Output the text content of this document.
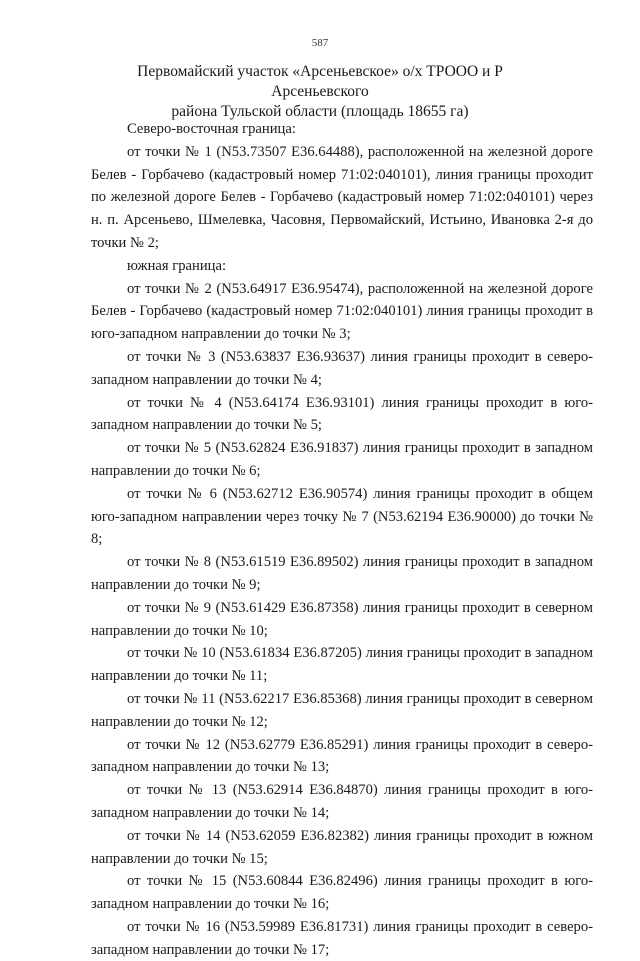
587
Первомайский участок «Арсеньевское» о/х ТРООО и Р Арсеньевского
района Тульской области (площадь 18655 га)

Северо-восточная граница:

от точки № 1 (N53.73507 E36.64488), расположенной на железной дороге Белев - Горбачево (кадастровый номер 71:02:040101), линия границы проходит по железной дороге Белев - Горбачево (кадастровый номер 71:02:040101) через н. п. Арсеньево, Шмелевка, Часовня, Первомайский, Истьино, Ивановка 2-я до точки № 2;

южная граница:

от точки № 2 (N53.64917 E36.95474), расположенной на железной дороге Белев - Горбачево (кадастровый номер 71:02:040101) линия границы проходит в юго-западном направлении до точки № 3;

от точки № 3 (N53.63837 E36.93637) линия границы проходит в северо-западном направлении до точки № 4;

от точки № 4 (N53.64174 E36.93101) линия границы проходит в юго-западном направлении до точки № 5;

от точки № 5 (N53.62824 E36.91837) линия границы проходит в западном направлении до точки № 6;

от точки № 6 (N53.62712 E36.90574) линия границы проходит в общем юго-западном направлении через точку № 7 (N53.62194 E36.90000) до точки № 8;

от точки № 8 (N53.61519 E36.89502) линия границы проходит в западном направлении до точки № 9;

от точки № 9 (N53.61429 E36.87358) линия границы проходит в северном направлении до точки № 10;

от точки № 10 (N53.61834 E36.87205) линия границы проходит в западном направлении до точки № 11;

от точки № 11 (N53.62217 E36.85368) линия границы проходит в северном направлении до точки № 12;

от точки № 12 (N53.62779 E36.85291) линия границы проходит в северо-западном направлении до точки № 13;

от точки № 13 (N53.62914 E36.84870) линия границы проходит в юго-западном направлении до точки № 14;

от точки № 14 (N53.62059 E36.82382) линия границы проходит в южном направлении до точки № 15;

от точки № 15 (N53.60844 E36.82496) линия границы проходит в юго-западном направлении до точки № 16;

от точки № 16 (N53.59989 E36.81731) линия границы проходит в северо-западном направлении до точки № 17;
